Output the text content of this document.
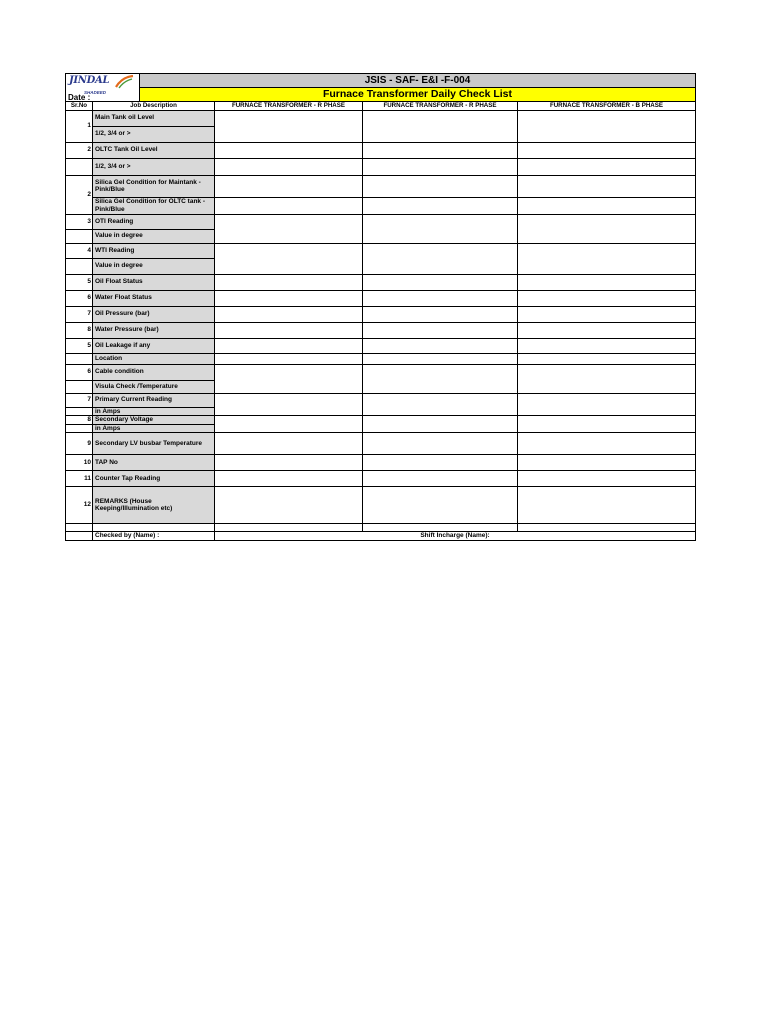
JINDAL
SHADEED
Date :
	JSIS - SAF- E&I -F-004
Furnace Transformer Daily Check List
Sr.No	Job Description	FURNACE TRANSFORMER - R PHASE	FURNACE TRANSFORMER - R PHASE	FURNACE TRANSFORMER - B PHASE
1	Main Tank oil Level			
	1/2, 3/4 or >			
2	OLTC Tank Oil Level			
	1/2, 3/4 or >			
2	Silica Gel Condition for Maintank - Pink/Blue			
	Silica Gel Condition for OLTC tank - Pink/Blue			
3	OTI Reading			
	Value in degree			
4	WTI Reading			
	Value in degree			
5	Oil Float Status			
6	Water Float Status			
7	Oil Pressure (bar)			
8	Water Pressure (bar)			
5	Oil Leakage if any			
	Location			
6	Cable condition			
	Visula Check /Temperature			
7	Primary Current Reading			
	in Amps			
8	Secondary Voltage			
	in Amps			
9	Secondary LV busbar Temperature			
10	TAP No			
11	Counter Tap Reading			
12	REMARKS (House Keeping/Illumination etc)			

	Checked by (Name) :	Shift Incharge (Name):		
